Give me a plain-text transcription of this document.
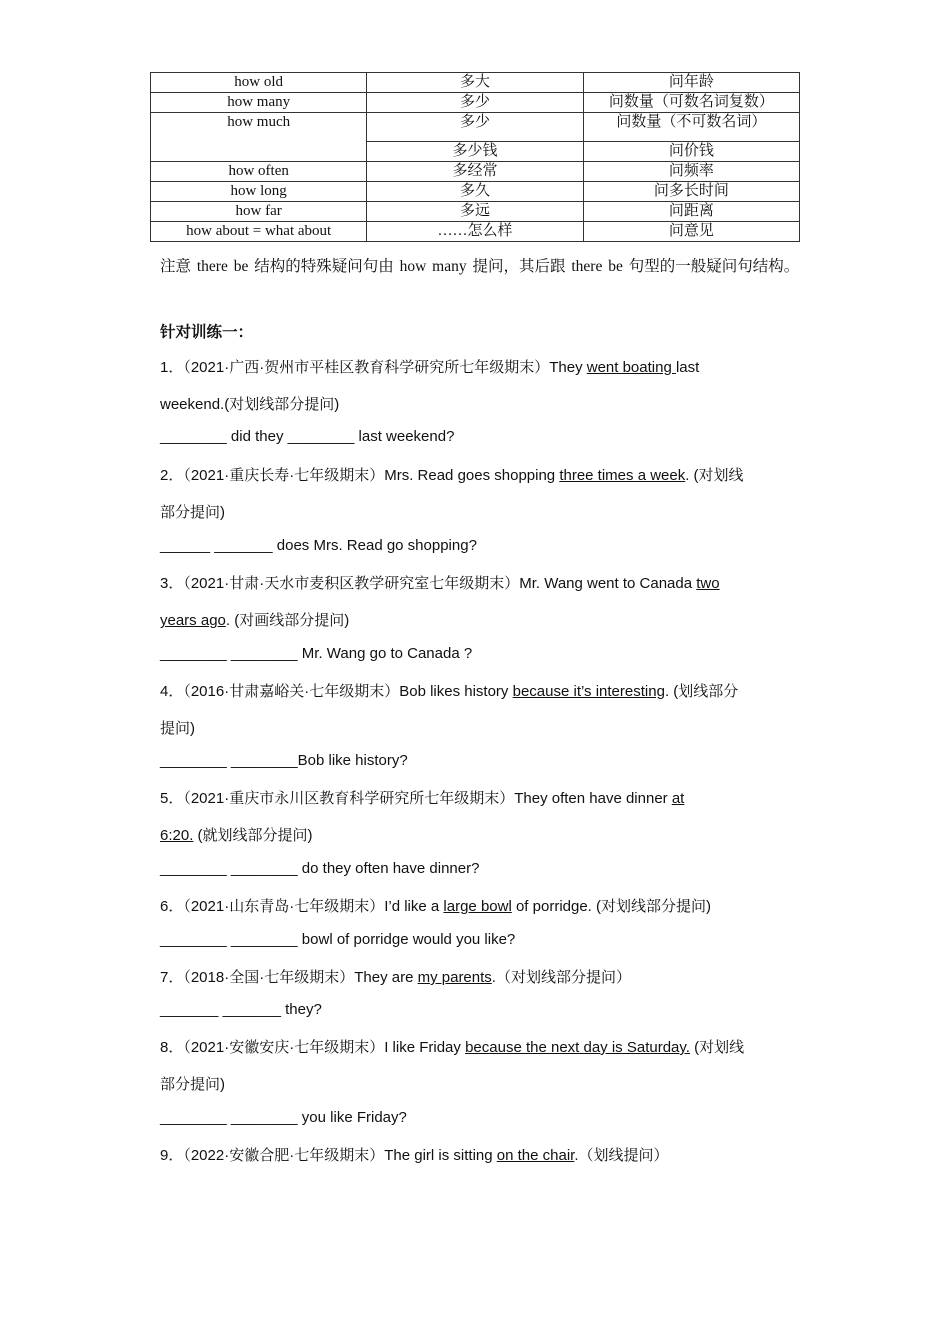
how old	多大	问年龄
how many	多少	问数量（可数名词复数）
how much	多少	问数量（不可数名词）
	多少钱	问价钱
how often	多经常	问频率
how long	多久	问多长时间
how far	多远	问距离
how about = what about	……怎么样	问意见
注意 there be 结构的特殊疑问句由 how many 提问，其后跟 there be 句型的一般疑问句结构。
针对训练一：
1．（2021·广西·贺州市平桂区教育科学研究所七年级期末）They went boating last
weekend.(对划线部分提问)
________ did they ________ last weekend?
2．（2021·重庆长寿·七年级期末）Mrs. Read goes shopping three times a week. (对划线
部分提问)
______ _______ does Mrs. Read go shopping?
3．（2021·甘肃·天水市麦积区教学研究室七年级期末）Mr. Wang went to Canada two
years ago. (对画线部分提问)
________ ________ Mr. Wang go to Canada ?
4．（2016·甘肃嘉峪关·七年级期末）Bob likes history because it’s interesting. (划线部分
提问)
________ ________Bob like history?
5．（2021·重庆市永川区教育科学研究所七年级期末）They often have dinner at
6:20. (就划线部分提问)
________ ________ do they often have dinner?
6．（2021·山东青岛·七年级期末）I’d like a large bowl of porridge. (对划线部分提问)
________ ________ bowl of porridge would you like?
7．（2018·全国·七年级期末）They are my parents.（对划线部分提问）
_______ _______ they?
8．（2021·安徽安庆·七年级期末）I like Friday because the next day is Saturday. (对划线
部分提问)
________ ________ you like Friday?
9．（2022·安徽合肥·七年级期末）The girl is sitting on the chair.（划线提问）
